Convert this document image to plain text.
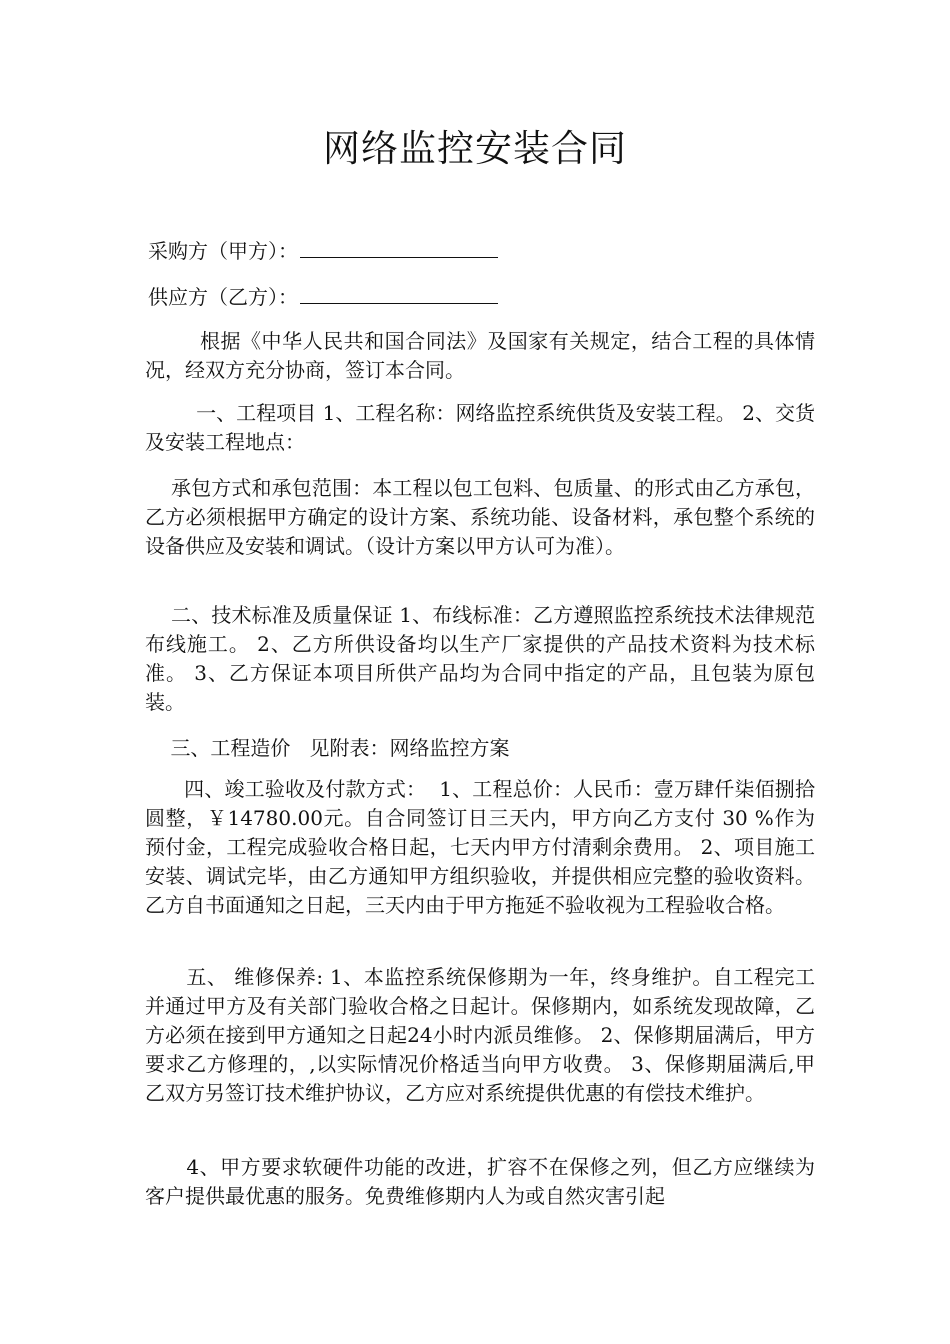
网络监控安装合同
采购方（甲方）：
供应方（乙方）：
根据《中华人民共和国合同法》及国家有关规定，结合工程的具体情况，经双方充分协商，签订本合同。
一、工程项目 1、工程名称：网络监控系统供货及安装工程。 2、交货及安装工程地点：
承包方式和承包范围：本工程以包工包料、包质量、的形式由乙方承包，乙方必须根据甲方确定的设计方案、系统功能、设备材料，承包整个系统的设备供应及安装和调试。（设计方案以甲方认可为准）。
二、技术标准及质量保证 1、布线标准：乙方遵照监控系统技术法律规范布线施工。 2、乙方所供设备均以生产厂家提供的产品技术资料为技术标准。 3、乙方保证本项目所供产品均为合同中指定的产品，且包装为原包装。
三、工程造价   见附表：网络监控方案
四、竣工验收及付款方式：  1、工程总价：人民币：壹万肆仟柒佰捌拾圆整，￥14780.00元。自合同签订日三天内，甲方向乙方支付 30 %作为预付金，工程完成验收合格日起，七天内甲方付清剩余费用。 2、项目施工安装、调试完毕，由乙方通知甲方组织验收，并提供相应完整的验收资料。乙方自书面通知之日起，三天内由于甲方拖延不验收视为工程验收合格。
五、 维修保养: 1、本监控系统保修期为一年，终身维护。自工程完工并通过甲方及有关部门验收合格之日起计。保修期内，如系统发现故障，乙方必须在接到甲方通知之日起24小时内派员维修。 2、保修期届满后，甲方要求乙方修理的，,以实际情况价格适当向甲方收费。 3、保修期届满后,甲乙双方另签订技术维护协议，乙方应对系统提供优惠的有偿技术维护。
4、甲方要求软硬件功能的改进，扩容不在保修之列，但乙方应继续为客户提供最优惠的服务。免费维修期内人为或自然灾害引起
